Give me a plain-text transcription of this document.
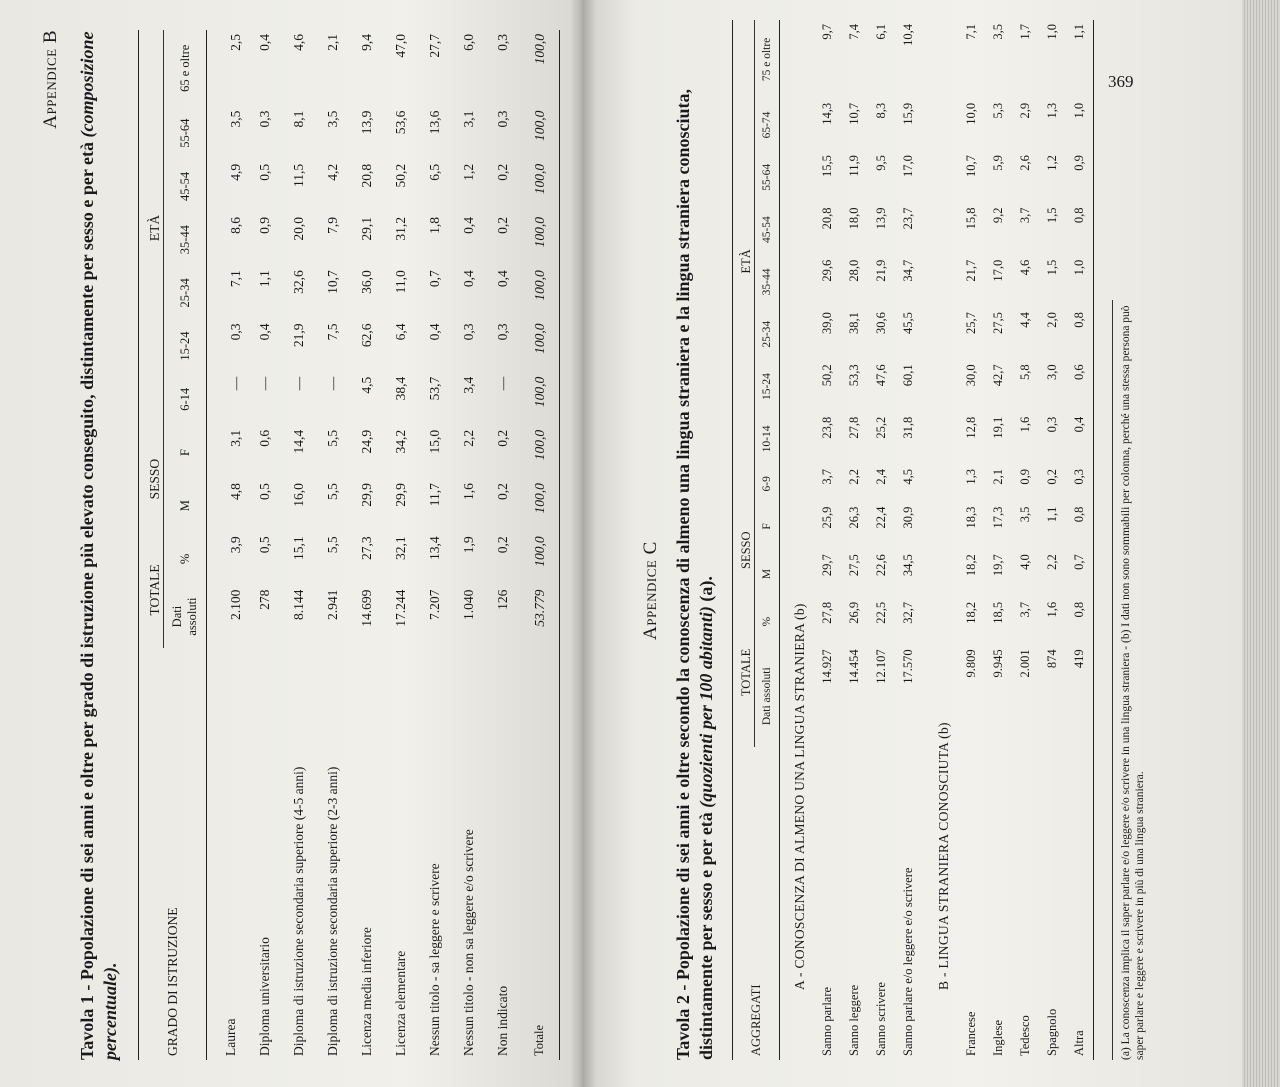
Appendice B

Tavola 1 - Popolazione di sei anni e oltre per grado di istruzione più elevato conseguito, distintamente per sesso e per età (composizione percentuale).	GRADO DI ISTRUZIONE	TOTALE		SESSO		ETÀ						
	Dati assoluti	%	M	F	6-14	15-24	25-34	35-44	45-54	55-64	65 e oltre
Laurea	2.100	3,9	4,8	3,1	—	0,3	7,1	8,6	4,9	3,5	2,5
Diploma universitario	278	0,5	0,5	0,6	—	0,4	1,1	0,9	0,5	0,3	0,4
Diploma di istruzione secondaria superiore (4-5 anni)	8.144	15,1	16,0	14,4	—	21,9	32,6	20,0	11,5	8,1	4,6
Diploma di istruzione secondaria superiore (2-3 anni)	2.941	5,5	5,5	5,5	—	7,5	10,7	7,9	4,2	3,5	2,1
Licenza media inferiore	14.699	27,3	29,9	24,9	4,5	62,6	36,0	29,1	20,8	13,9	9,4
Licenza elementare	17.244	32,1	29,9	34,2	38,4	6,4	11,0	31,2	50,2	53,6	47,0
Nessun titolo - sa leggere e scrivere	7.207	13,4	11,7	15,0	53,7	0,4	0,7	1,8	6,5	13,6	27,7
Nessun titolo - non sa leggere e/o scrivere	1.040	1,9	1,6	2,2	3,4	0,3	0,4	0,4	1,2	3,1	6,0
Non indicato	126	0,2	0,2	0,2	—	0,3	0,4	0,2	0,2	0,3	0,3
Totale	53.779	100,0	100,0	100,0	100,0	100,0	100,0	100,0	100,0	100,0	100,0
Appendice C

Tavola 2 - Popolazione di sei anni e oltre secondo la conoscenza di almeno una lingua straniera e la lingua straniera conosciuta, distintamente per sesso e per età (quozienti per 100 abitanti) (a).

AGGREGATI	TOTALE		SESSO		ETÀ								
	Dati assoluti	%	M	F	6-9	10-14	15-24	25-34	35-44	45-54	55-64	65-74	75 e oltre
A - CONOSCENZA DI ALMENO UNA LINGUA STRANIERA (b)													
Sanno parlare	14.927	27,8	29,7	25,9	3,7	23,8	50,2	39,0	29,6	20,8	15,5	14,3	9,7
Sanno leggere	14.454	26,9	27,5	26,3	2,2	27,8	53,3	38,1	28,0	18,0	11,9	10,7	7,4
Sanno scrivere	12.107	22,5	22,6	22,4	2,4	25,2	47,6	30,6	21,9	13,9	9,5	8,3	6,1
Sanno parlare e/o leggere e/o scrivere	17.570	32,7	34,5	30,9	4,5	31,8	60,1	45,5	34,7	23,7	17,0	15,9	10,4
B - LINGUA STRANIERA CONOSCIUTA (b)													
Francese	9.809	18,2	18,2	18,3	1,3	12,8	30,0	25,7	21,7	15,8	10,7	10,0	7,1
Inglese	9.945	18,5	19,7	17,3	2,1	19,1	42,7	27,5	17,0	9,2	5,9	5,3	3,5
Tedesco	2.001	3,7	4,0	3,5	0,9	1,6	5,8	4,4	4,6	3,7	2,6	2,9	1,7
Spagnolo	874	1,6	2,2	1,1	0,2	0,3	3,0	2,0	1,5	1,5	1,2	1,3	1,0
Altra	419	0,8	0,7	0,8	0,3	0,4	0,6	0,8	1,0	0,8	0,9	1,0	1,1
(a) La conoscenza implica il saper parlare e/o leggere e/o scrivere in una lingua straniera - (b) I dati non sono sommabili per colonna, perché una stessa persona può saper parlare e leggere e scrivere in più di una lingua straniera.
369
